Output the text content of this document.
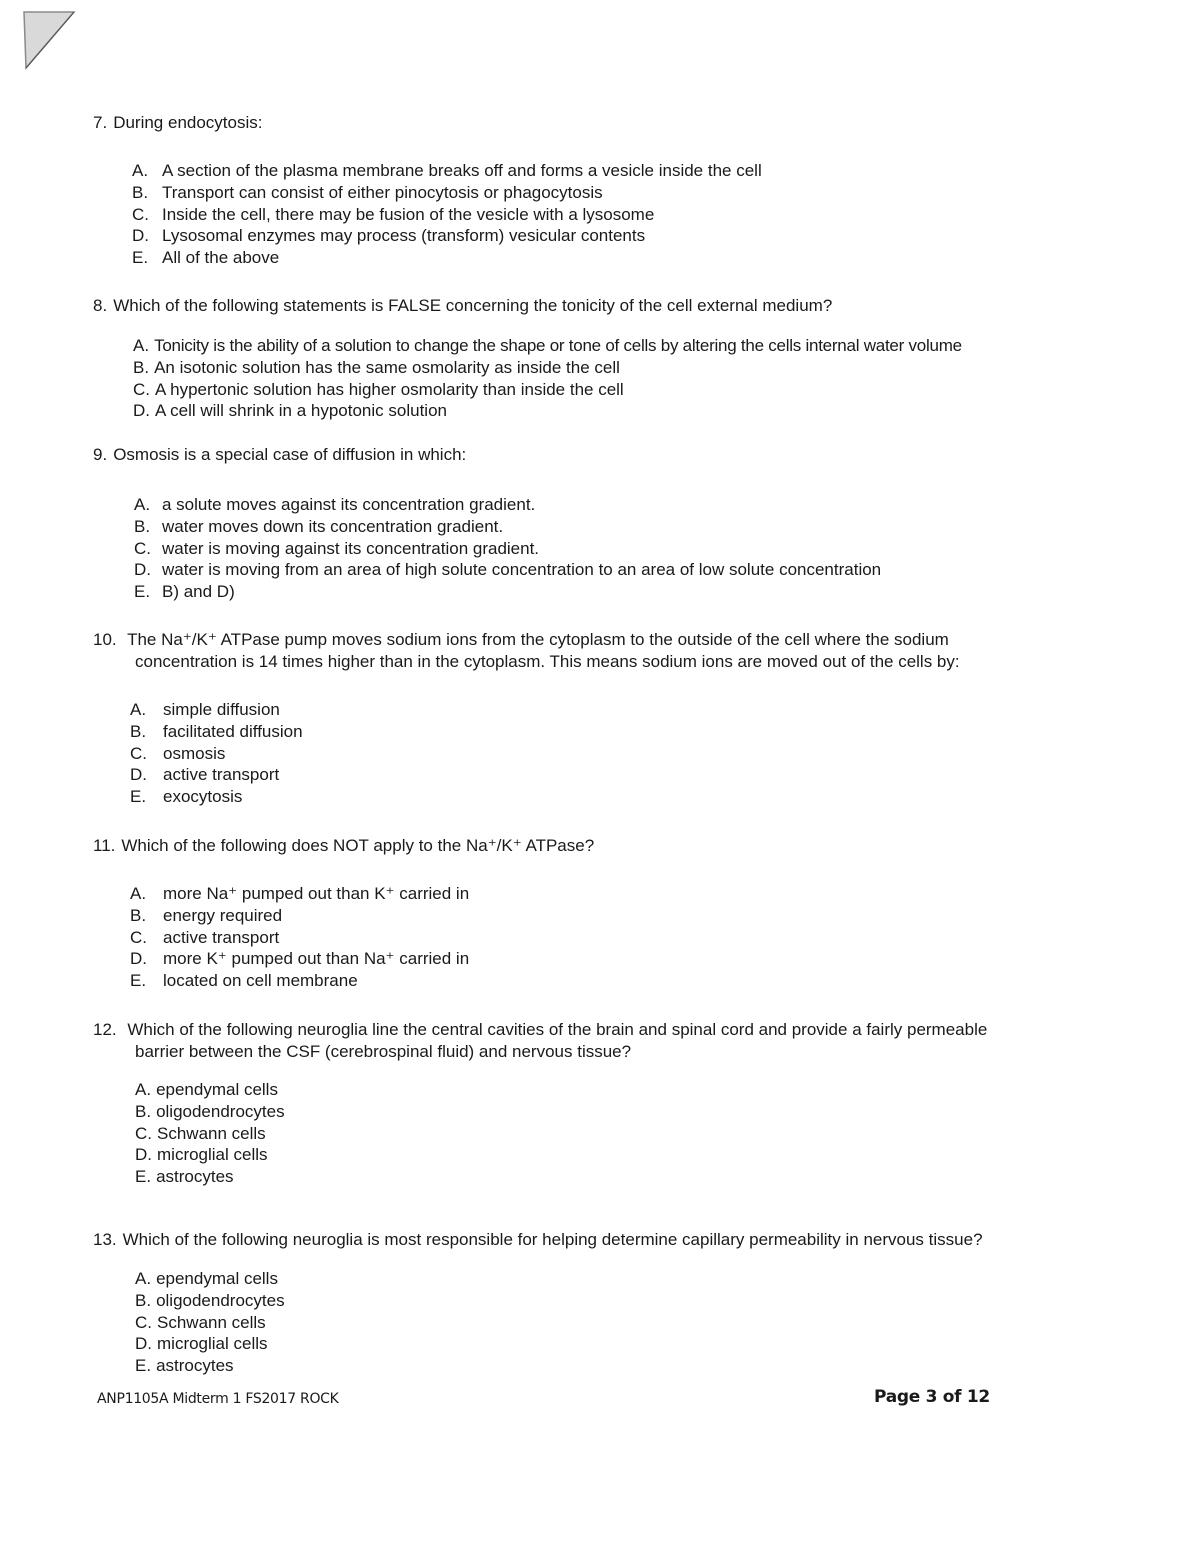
7. During endocytosis:
A. A section of the plasma membrane breaks off and forms a vesicle inside the cell
B. Transport can consist of either pinocytosis or phagocytosis
C. Inside the cell, there may be fusion of the vesicle with a lysosome
D. Lysosomal enzymes may process (transform) vesicular contents
E. All of the above
8. Which of the following statements is FALSE concerning the tonicity of the cell external medium?
A. Tonicity is the ability of a solution to change the shape or tone of cells by altering the cells internal water volume
B. An isotonic solution has the same osmolarity as inside the cell
C. A hypertonic solution has higher osmolarity than inside the cell
D. A cell will shrink in a hypotonic solution
9. Osmosis is a special case of diffusion in which:
A. a solute moves against its concentration gradient.
B. water moves down its concentration gradient.
C. water is moving against its concentration gradient.
D. water is moving from an area of high solute concentration to an area of low solute concentration
E. B) and D)
10. The Na⁺/K⁺ ATPase pump moves sodium ions from the cytoplasm to the outside of the cell where the sodium
concentration is 14 times higher than in the cytoplasm. This means sodium ions are moved out of the cells by:
A. simple diffusion
B. facilitated diffusion
C. osmosis
D. active transport
E. exocytosis
11. Which of the following does NOT apply to the Na⁺/K⁺ ATPase?
A. more Na⁺ pumped out than K⁺ carried in
B. energy required
C. active transport
D. more K⁺ pumped out than Na⁺ carried in
E. located on cell membrane
12. Which of the following neuroglia line the central cavities of the brain and spinal cord and provide a fairly permeable
barrier between the CSF (cerebrospinal fluid) and nervous tissue?
A. ependymal cells
B. oligodendrocytes
C. Schwann cells
D. microglial cells
E. astrocytes
13. Which of the following neuroglia is most responsible for helping determine capillary permeability in nervous tissue?
A. ependymal cells
B. oligodendrocytes
C. Schwann cells
D. microglial cells
E. astrocytes
ANP1105A Midterm 1 FS2017 ROCK	Page 3 of 12
